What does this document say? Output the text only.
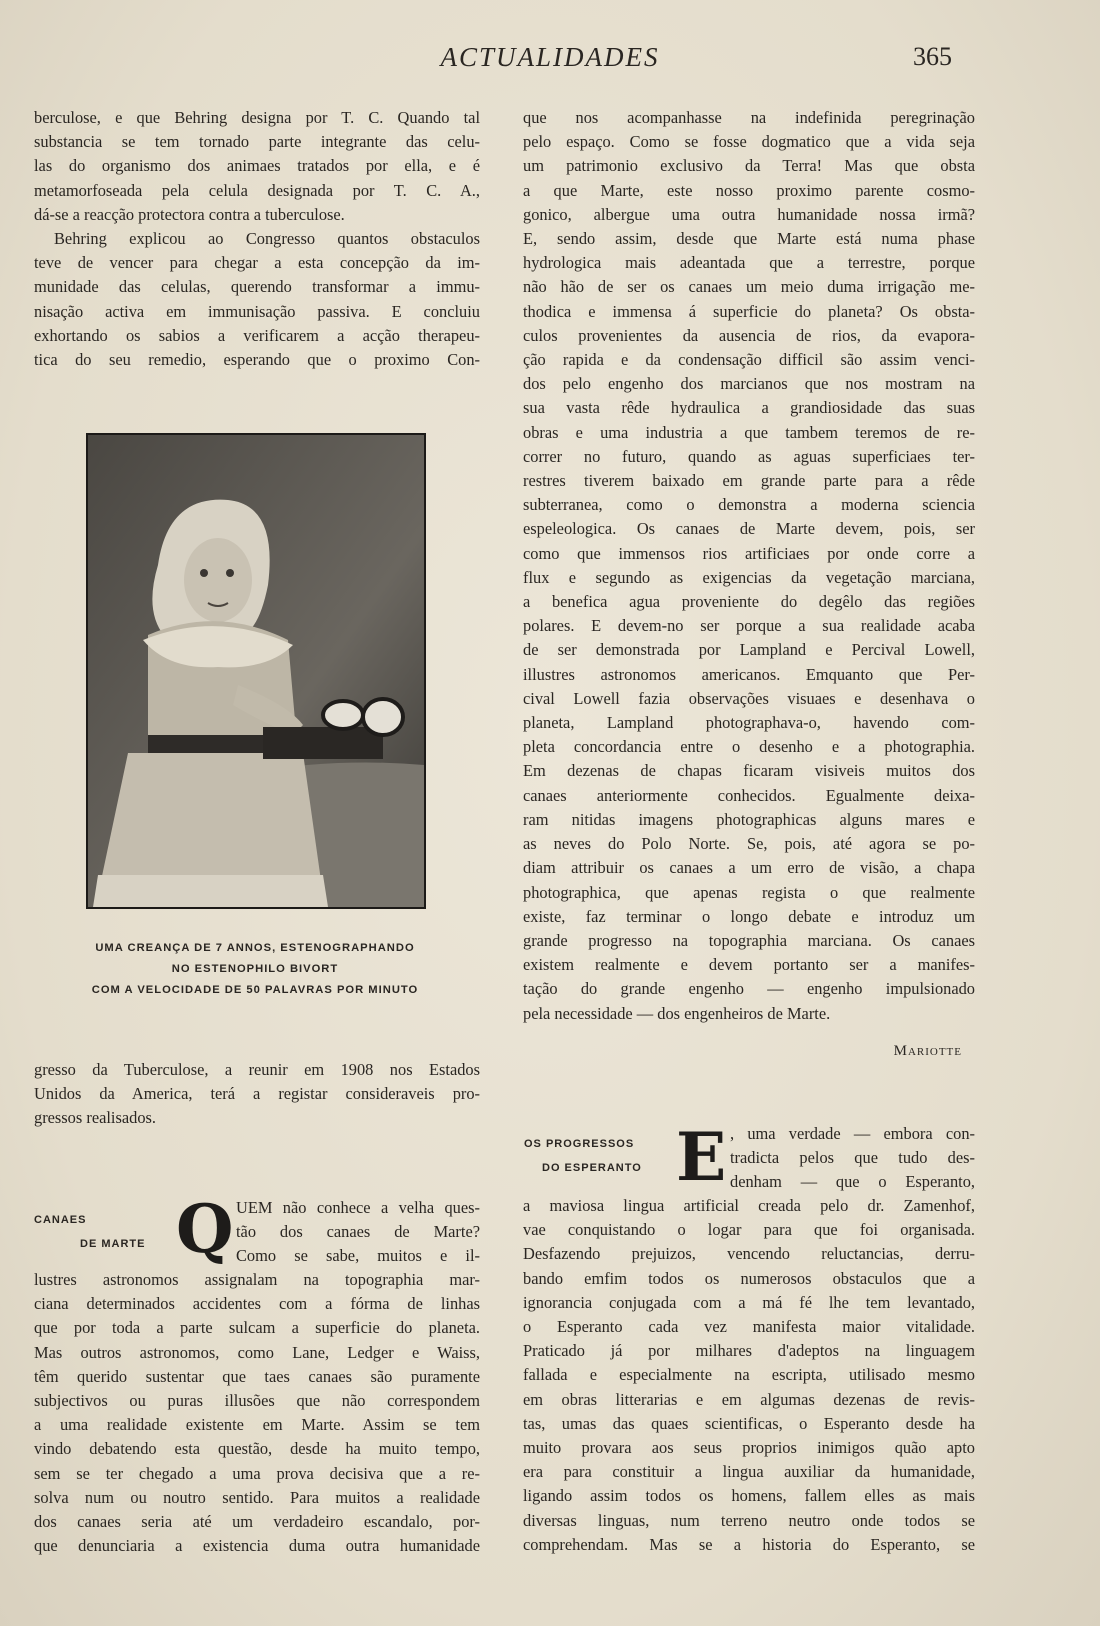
ACTUALIDADES	365
berculose, e que Behring designa por T. C. Quando tal
substancia se tem tornado parte integrante das celu-
las do organismo dos animaes tratados por ella, e é
metamorfoseada pela celula designada por T. C. A.,
dá-se a reacção protectora contra a tuberculose.
Behring explicou ao Congresso quantos obstaculos
teve de vencer para chegar a esta concepção da im-
munidade das celulas, querendo transformar a immu-
nisação activa em immunisação passiva. E concluiu
exhortando os sabios a verificarem a acção therapeu-
tica do seu remedio, esperando que o proximo Con-
UMA CREANÇA DE 7 ANNOS, ESTENOGRAPHANDO
NO ESTENOPHILO BIVORT
COM A VELOCIDADE DE 50 PALAVRAS POR MINUTO
gresso da Tuberculose, a reunir em 1908 nos Estados
Unidos da America, terá a registar consideraveis pro-
gressos realisados.
CANAES
DE MARTE Q UEM não conhece a velha ques-
tão dos canaes de Marte?
Como se sabe, muitos e il-
lustres astronomos assignalam na topographia mar-
ciana determinados accidentes com a fórma de linhas
que por toda a parte sulcam a superficie do planeta.
Mas outros astronomos, como Lane, Ledger e Waiss,
têm querido sustentar que taes canaes são puramente
subjectivos ou puras illusões que não correspondem
a uma realidade existente em Marte. Assim se tem
vindo debatendo esta questão, desde ha muito tempo,
sem se ter chegado a uma prova decisiva que a re-
solva num ou noutro sentido. Para muitos a realidade
dos canaes seria até um verdadeiro escandalo, por-
que denunciaria a existencia duma outra humanidade
que nos acompanhasse na indefinida peregrinação
pelo espaço. Como se fosse dogmatico que a vida seja
um patrimonio exclusivo da Terra! Mas que obsta
a que Marte, este nosso proximo parente cosmo-
gonico, albergue uma outra humanidade nossa irmã?
E, sendo assim, desde que Marte está numa phase
hydrologica mais adeantada que a terrestre, porque
não hão de ser os canaes um meio duma irrigação me-
thodica e immensa á superficie do planeta? Os obsta-
culos provenientes da ausencia de rios, da evapora-
ção rapida e da condensação difficil são assim venci-
dos pelo engenho dos marcianos que nos mostram na
sua vasta rêde hydraulica a grandiosidade das suas
obras e uma industria a que tambem teremos de re-
correr no futuro, quando as aguas superficiaes ter-
restres tiverem baixado em grande parte para a rêde
subterranea, como o demonstra a moderna sciencia
espeleologica. Os canaes de Marte devem, pois, ser
como que immensos rios artificiaes por onde corre a
flux e segundo as exigencias da vegetação marciana,
a benefica agua proveniente do degêlo das regiões
polares. E devem-no ser porque a sua realidade acaba
de ser demonstrada por Lampland e Percival Lowell,
illustres astronomos americanos. Emquanto que Per-
cival Lowell fazia observações visuaes e desenhava o
planeta, Lampland photographava-o, havendo com-
pleta concordancia entre o desenho e a photographia.
Em dezenas de chapas ficaram visiveis muitos dos
canaes anteriormente conhecidos. Egualmente deixa-
ram nitidas imagens photographicas alguns mares e
as neves do Polo Norte. Se, pois, até agora se po-
diam attribuir os canaes a um erro de visão, a chapa
photographica, que apenas regista o que realmente
existe, faz terminar o longo debate e introduz um
grande progresso na topographia marciana. Os canaes
existem realmente e devem portanto ser a manifes-
tação do grande engenho — engenho impulsionado
pela necessidade — dos engenheiros de Marte.
Mariotte
OS PROGRESSOS
DO ESPERANTO E , uma verdade — embora con-
tradicta pelos que tudo des-
denham — que o Esperanto,
a maviosa lingua artificial creada pelo dr. Zamenhof,
vae conquistando o logar para que foi organisada.
Desfazendo prejuizos, vencendo reluctancias, derru-
bando emfim todos os numerosos obstaculos que a
ignorancia conjugada com a má fé lhe tem levantado,
o Esperanto cada vez manifesta maior vitalidade.
Praticado já por milhares d'adeptos na linguagem
fallada e especialmente na escripta, utilisado mesmo
em obras litterarias e em algumas dezenas de revis-
tas, umas das quaes scientificas, o Esperanto desde ha
muito provara aos seus proprios inimigos quão apto
era para constituir a lingua auxiliar da humanidade,
ligando assim todos os homens, fallem elles as mais
diversas linguas, num terreno neutro onde todos se
comprehendam. Mas se a historia do Esperanto, se
